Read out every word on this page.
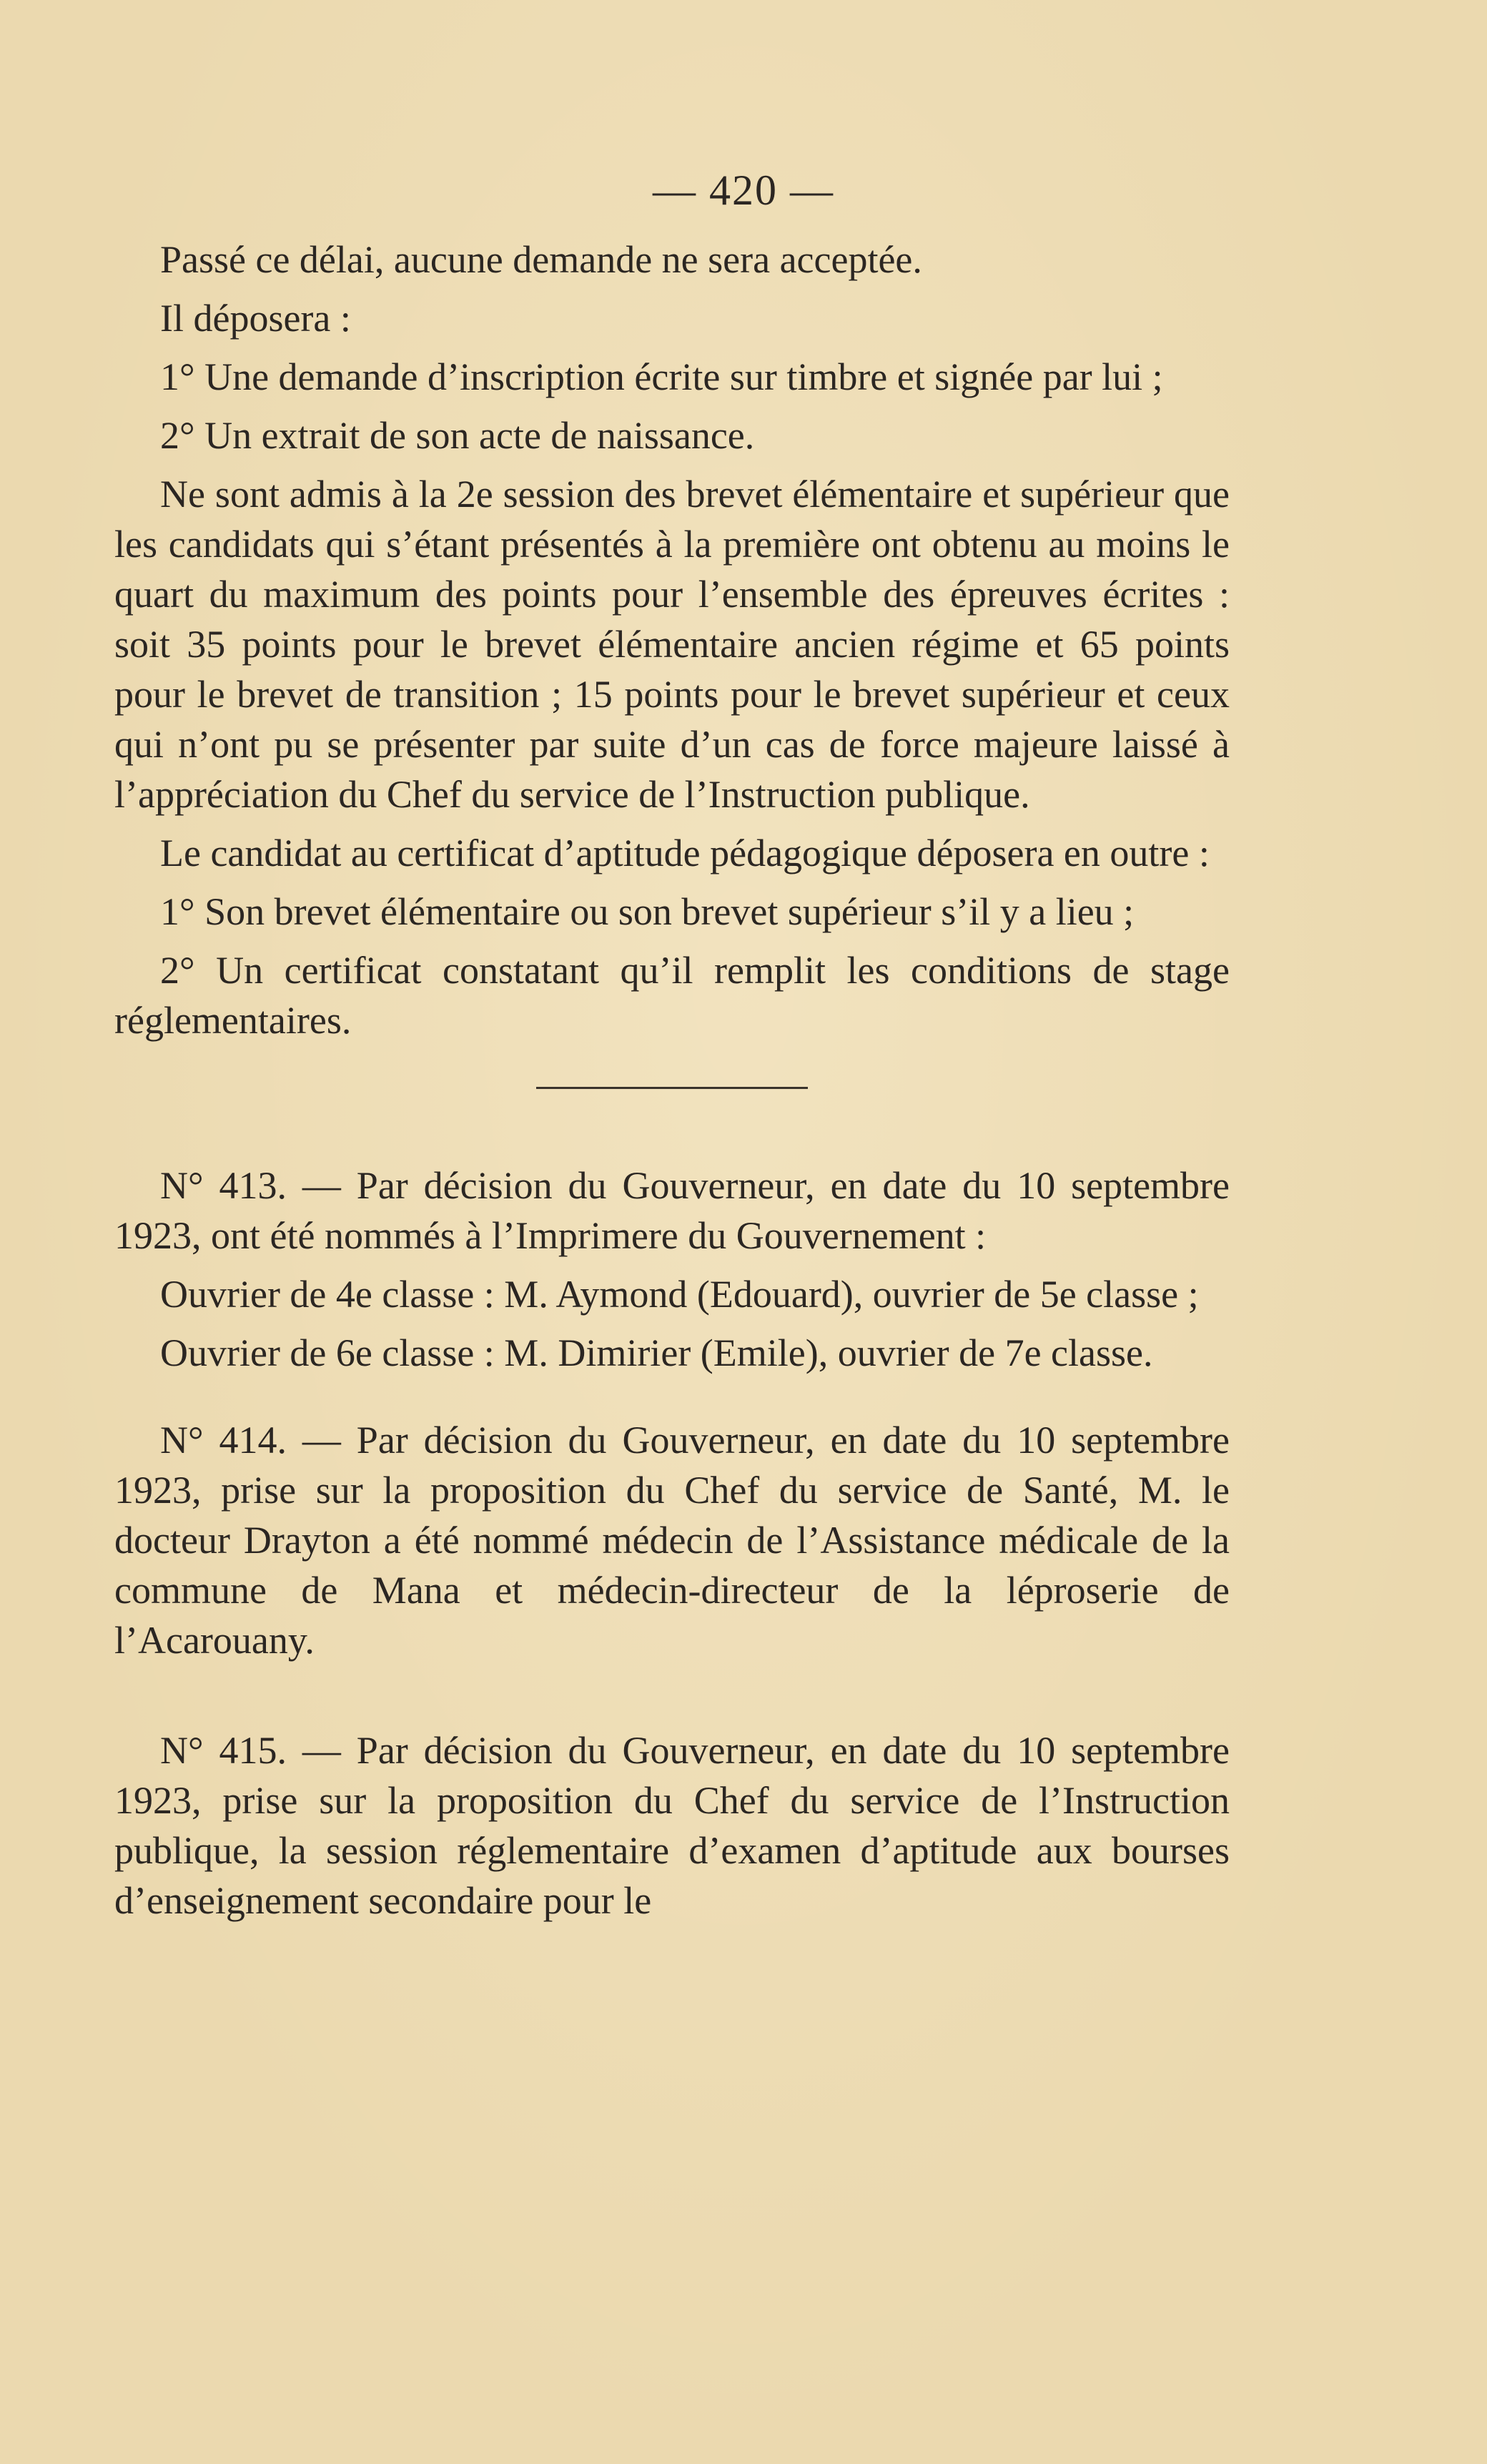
— 420 —

Passé ce délai, aucune demande ne sera acceptée.

Il déposera :

1° Une demande d’inscription écrite sur timbre et signée par lui ;

2° Un extrait de son acte de naissance.

Ne sont admis à la 2e session des brevet élémentaire et supérieur que les candidats qui s’étant présentés à la première ont obtenu au moins le quart du maximum des points pour l’ensemble des épreuves écrites : soit 35 points pour le brevet élémentaire ancien régime et 65 points pour le brevet de transition ; 15 points pour le brevet supérieur et ceux qui n’ont pu se présenter par suite d’un cas de force majeure laissé à l’appréciation du Chef du service de l’Instruction publique.

Le candidat au certificat d’aptitude pédagogique déposera en outre :

1° Son brevet élémentaire ou son brevet supérieur s’il y a lieu ;

2° Un certificat constatant qu’il remplit les conditions de stage réglementaires.

N° 413. — Par décision du Gouverneur, en date du 10 septembre 1923, ont été nommés à l’Imprimere du Gouvernement :

Ouvrier de 4e classe : M. Aymond (Edouard), ouvrier de 5e classe ;

Ouvrier de 6e classe : M. Dimirier (Emile), ouvrier de 7e classe.

N° 414. — Par décision du Gouverneur, en date du 10 septembre 1923, prise sur la proposition du Chef du service de Santé, M. le docteur Drayton a été nommé médecin de l’Assistance médicale de la commune de Mana et médecin-directeur de la léproserie de l’Acarouany.

N° 415. — Par décision du Gouverneur, en date du 10 septembre 1923, prise sur la proposition du Chef du service de l’Instruction publique, la session réglementaire d’examen d’aptitude aux bourses d’enseignement secondaire pour le
